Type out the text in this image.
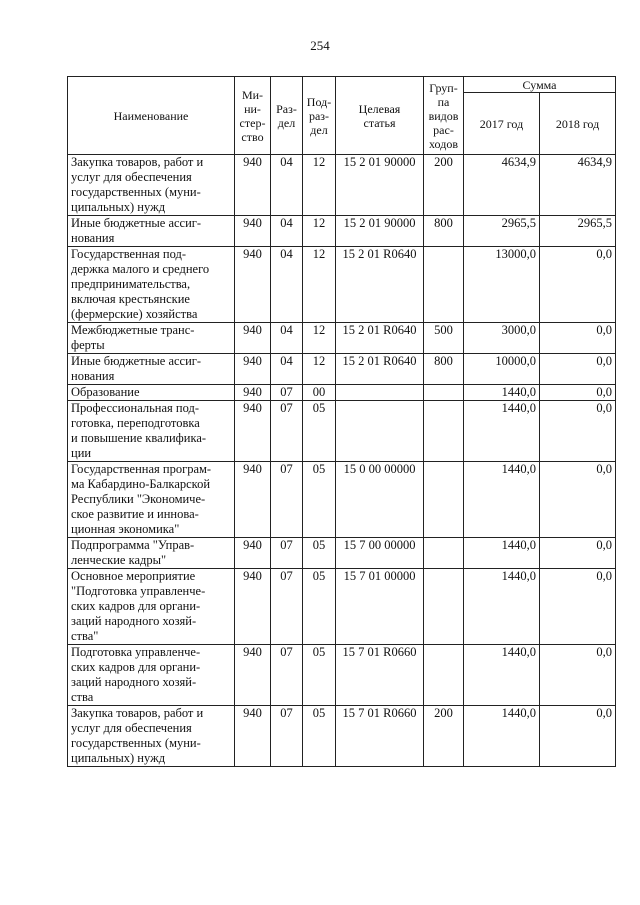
254
Наименование	Ми-
ни-
стер-
ство	Раз-
дел	Под-
раз-
дел	Целевая
статья	Груп-
па
видов
рас-
ходов	Сумма	
						2017 год	2018 год
Закупка товаров, работ и
услуг для обеспечения
государственных (муни-
ципальных) нужд	940	04	12	15 2 01 90000	200	4634,9	4634,9
Иные бюджетные ассиг-
нования	940	04	12	15 2 01 90000	800	2965,5	2965,5
Государственная под-
держка малого и среднего
предпринимательства,
включая крестьянские
(фермерские) хозяйства	940	04	12	15 2 01 R0640		13000,0	0,0
Межбюджетные транс-
ферты	940	04	12	15 2 01 R0640	500	3000,0	0,0
Иные бюджетные ассиг-
нования	940	04	12	15 2 01 R0640	800	10000,0	0,0
Образование	940	07	00			1440,0	0,0
Профессиональная под-
готовка, переподготовка
и повышение квалифика-
ции	940	07	05			1440,0	0,0
Государственная програм-
ма Кабардино-Балкарской
Республики "Экономиче-
ское развитие и иннова-
ционная экономика"	940	07	05	15 0 00 00000		1440,0	0,0
Подпрограмма "Управ-
ленческие кадры"	940	07	05	15 7 00 00000		1440,0	0,0
Основное мероприятие
"Подготовка управленче-
ских кадров для органи-
заций народного хозяй-
ства"	940	07	05	15 7 01 00000		1440,0	0,0
Подготовка управленче-
ских кадров для органи-
заций народного хозяй-
ства	940	07	05	15 7 01 R0660		1440,0	0,0
Закупка товаров, работ и
услуг для обеспечения
государственных (муни-
ципальных) нужд	940	07	05	15 7 01 R0660	200	1440,0	0,0
